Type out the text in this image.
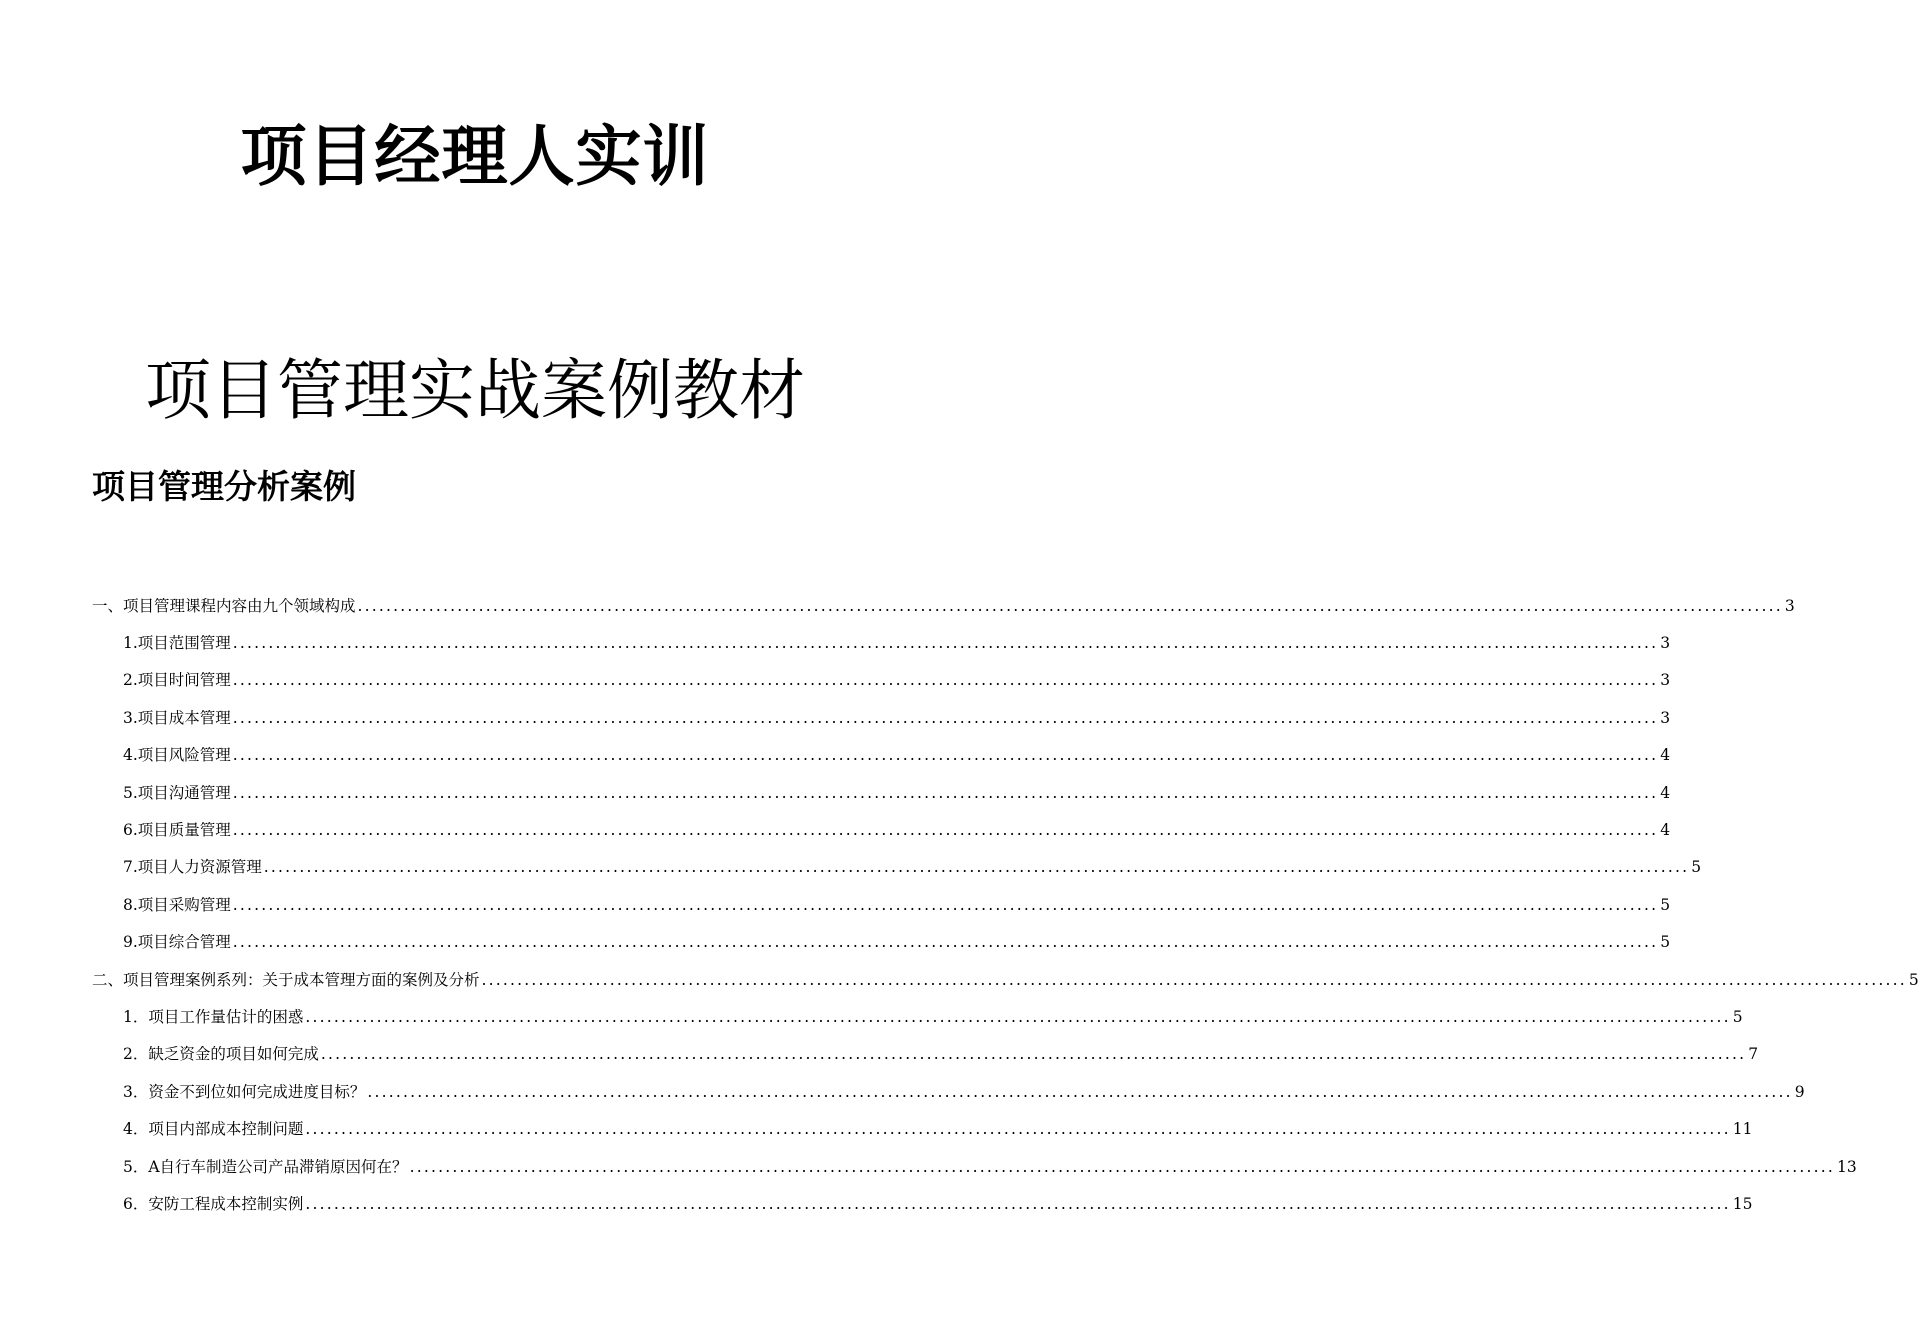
项目经理人实训
项目管理实战案例教材
项目管理分析案例
一、项目管理课程内容由九个领域构成 ........................................................................................................................................................................................................ 3
1.项目范围管理 ........................................................................................................................................................................................................ 3
2.项目时间管理 ........................................................................................................................................................................................................ 3
3.项目成本管理 ........................................................................................................................................................................................................ 3
4.项目风险管理 ........................................................................................................................................................................................................ 4
5.项目沟通管理 ........................................................................................................................................................................................................ 4
6.项目质量管理 ........................................................................................................................................................................................................ 4
7.项目人力资源管理 ........................................................................................................................................................................................................ 5
8.项目采购管理 ........................................................................................................................................................................................................ 5
9.项目综合管理 ........................................................................................................................................................................................................ 5
二、项目管理案例系列：关于成本管理方面的案例及分析 ........................................................................................................................................................................................................ 5
1．项目工作量估计的困惑 ........................................................................................................................................................................................................ 5
2．缺乏资金的项目如何完成 ........................................................................................................................................................................................................ 7
3．资金不到位如何完成进度目标？ ........................................................................................................................................................................................................ 9
4．项目内部成本控制问题 ........................................................................................................................................................................................................ 11
5．A自行车制造公司产品滞销原因何在？ ........................................................................................................................................................................................................ 13
6．安防工程成本控制实例 ........................................................................................................................................................................................................ 15
